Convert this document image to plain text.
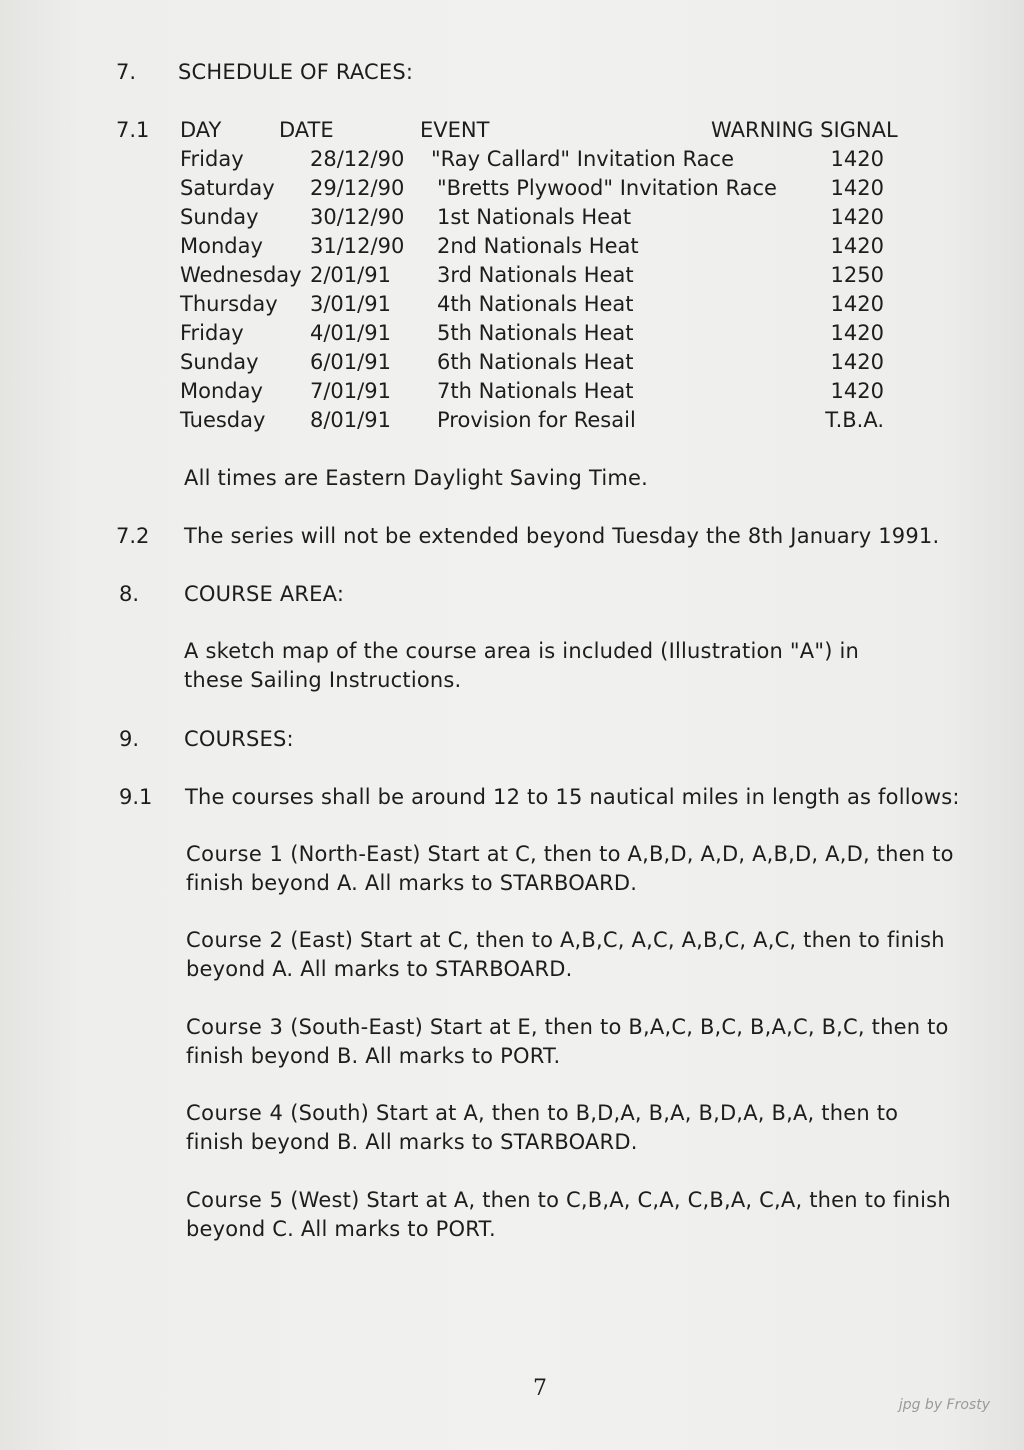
7. SCHEDULE OF RACES:
7.1 DAY	DATE	EVENT	WARNING SIGNAL
Friday	28/12/90 "Ray Callard" Invitation Race	1420
Saturday 29/12/90 "Bretts Plywood" Invitation Race	1420
Sunday 30/12/90 1st Nationals Heat	1420
Monday 31/12/90 2nd Nationals Heat	1420
Wednesday 2/01/91 3rd Nationals Heat	1250
Thursday 3/01/91 4th Nationals Heat	1420
Friday	4/01/91 5th Nationals Heat	1420
Sunday 6/01/91 6th Nationals Heat	1420
Monday 7/01/91 7th Nationals Heat	1420
Tuesday 8/01/91 Provision for Resail	T.B.A.
All times are Eastern Daylight Saving Time.
7.2 The series will not be extended beyond Tuesday the 8th January 1991.
8. COURSE AREA:
A sketch map of the course area is included (Illustration "A") in these Sailing Instructions.
9. COURSES:
9.1 The courses shall be around 12 to 15 nautical miles in length as follows:
Course 1 (North-East) Start at C, then to A,B,D, A,D, A,B,D, A,D, then to finish beyond A. All marks to STARBOARD.
Course 2 (East) Start at C, then to A,B,C, A,C, A,B,C, A,C, then to finish beyond A. All marks to STARBOARD.
Course 3 (South-East) Start at E, then to B,A,C, B,C, B,A,C, B,C, then to finish beyond B. All marks to PORT.
Course 4 (South) Start at A, then to B,D,A, B,A, B,D,A, B,A, then to finish beyond B. All marks to STARBOARD.
Course 5 (West) Start at A, then to C,B,A, C,A, C,B,A, C,A, then to finish beyond C. All marks to PORT.
7
jpg by Frosty
